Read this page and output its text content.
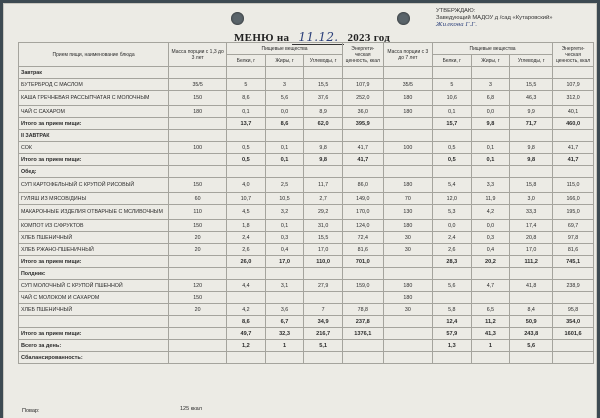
УТВЕРЖДАЮ:
Заведующий МАДОУ д /сад «Кутаровский»
Жилкова Г.Г.
МЕНЮ на 11.12. 2023 год
Прием пищи, наименование блюда	Масса порции с 1,3 до 3 лет	Пищевые вещества			Энергети-ческая ценность, ккал	Масса порции с 3 до 7 лет	Пищевые вещества			Энергети-ческая ценность, ккал
		Белки, г	Жиры, г	Углеводы, г			Белки, г	Жиры, г	Углеводы, г	
Завтрак										
БУТЕРБРОД С МАСЛОМ	35/5	5	3	15,5	107,9	35/5	5	3	15,5	107,9
КАША ГРЕЧНЕВАЯ РАССЫПЧАТАЯ С МОЛОЧНЫМ	150	8,6	5,6	37,6	252,0	180	10,6	6,8	46,3	312,0
ЧАЙ С САХАРОМ	180	0,1	0,0	8,9	36,0	180	0,1	0,0	9,9	40,1
Итого за прием пищи:		13,7	8,6	62,0	395,9		15,7	9,8	71,7	460,0
II ЗАВТРАК										
СОК	100	0,5	0,1	9,8	41,7	100	0,5	0,1	9,8	41,7
Итого за прием пищи:		0,5	0,1	9,8	41,7		0,5	0,1	9,8	41,7
Обед:										
СУП КАРТОФЕЛЬНЫЙ С КРУПОЙ РИСОВЫЙ	150	4,0	2,5	11,7	86,0	180	5,4	3,3	15,8	115,0
ГУЛЯШ ИЗ МЯСОВ/ДИНЫ	60	10,7	10,5	2,7	149,0	70	12,0	11,9	3,0	166,0
МАКАРОННЫЕ ИЗДЕЛИЯ ОТВАРНЫЕ С МСЛИВОЧНЫМ	110	4,5	3,2	29,2	170,0	130	5,3	4,2	33,3	195,0
КОМПОТ ИЗ С/ФРУКТОВ	150	1,8	0,1	31,0	124,0	180	0,0	0,0	17,4	69,7
ХЛЕБ ПШЕНИЧНЫЙ	20	2,4	0,3	15,5	72,4	30	2,4	0,3	20,8	97,8
ХЛЕБ РЖАНО-ПШЕНИЧНЫЙ	20	2,6	0,4	17,0	81,6	30	2,6	0,4	17,0	81,6
Итого за прием пищи:		26,0	17,0	110,0	701,0		28,3	20,2	111,2	745,1
Полдник:										
СУП МОЛОЧНЫЙ С КРУПОЙ ПШЕННОЙ	120	4,4	3,1	27,9	159,0	180	5,6	4,7	41,8	238,9
ЧАЙ С МОЛОКОМ И САХАРОМ	150					180				
ХЛЕБ ПШЕНИЧНЫЙ	20	4,2	3,6	7	78,8	30	5,8	6,5	8,4	95,8
		8,6	6,7	34,9	237,8		12,4	11,2	50,9	354,0
Итого за прием пищи:		49,7	32,3	216,7	1376,1		57,9	41,3	243,8	1601,6
Всего за день:		1,2	1	5,1			1,3	1	5,6	
Сбалансированность:										
Повар:	125 ккал
